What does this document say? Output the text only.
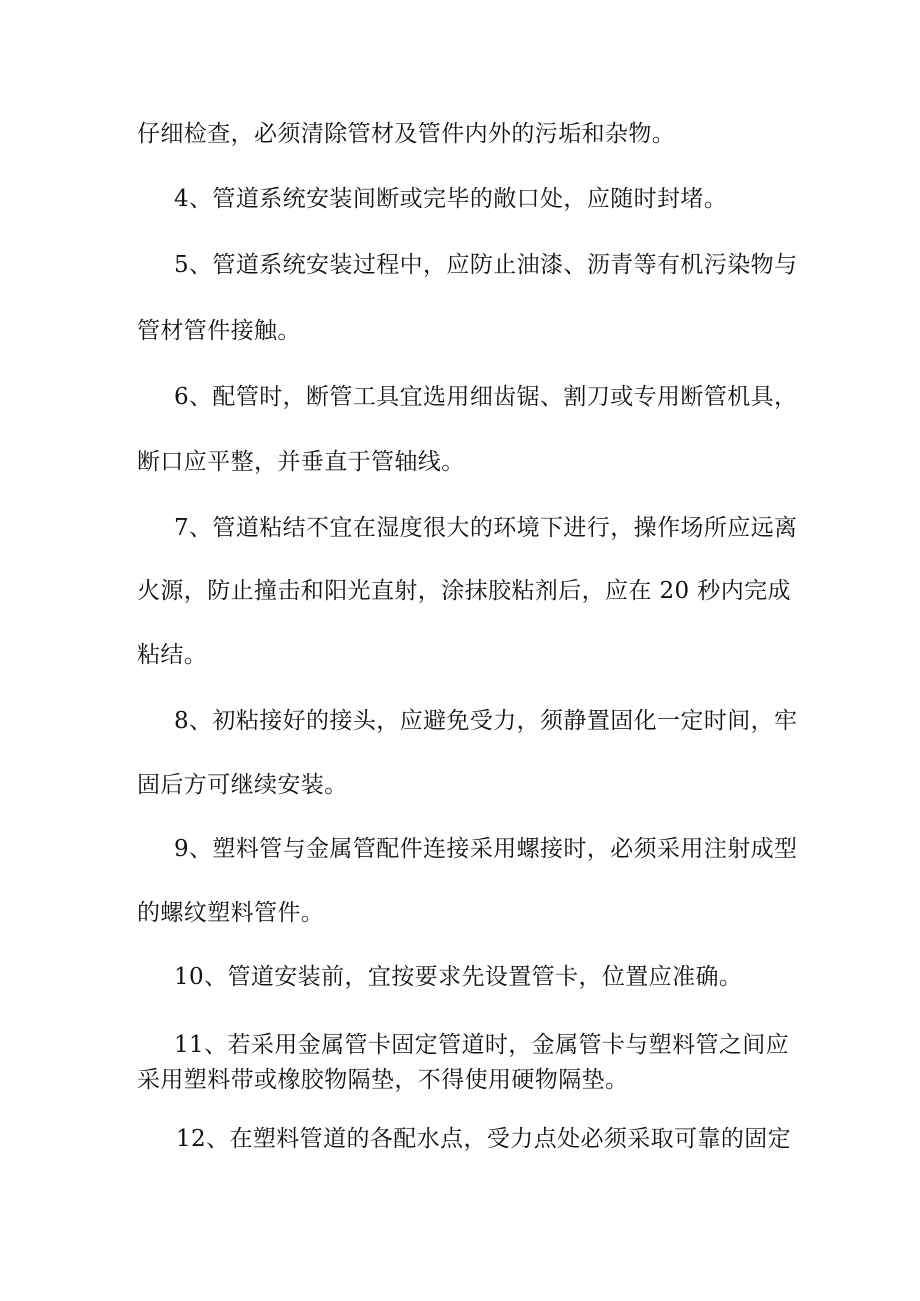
仔细检查，必须清除管材及管件内外的污垢和杂物。
4、管道系统安装间断或完毕的敞口处，应随时封堵。
5、管道系统安装过程中，应防止油漆、沥青等有机污染物与
管材管件接触。
6、配管时，断管工具宜选用细齿锯、割刀或专用断管机具，
断口应平整，并垂直于管轴线。
7、管道粘结不宜在湿度很大的环境下进行，操作场所应远离
火源，防止撞击和阳光直射，涂抹胶粘剂后，应在 20 秒内完成
粘结。
8、初粘接好的接头，应避免受力，须静置固化一定时间，牢
固后方可继续安装。
9、塑料管与金属管配件连接采用螺接时，必须采用注射成型
的螺纹塑料管件。
10、管道安装前，宜按要求先设置管卡，位置应准确。
11、若采用金属管卡固定管道时，金属管卡与塑料管之间应
采用塑料带或橡胶物隔垫，不得使用硬物隔垫。
12、在塑料管道的各配水点，受力点处必须采取可靠的固定
